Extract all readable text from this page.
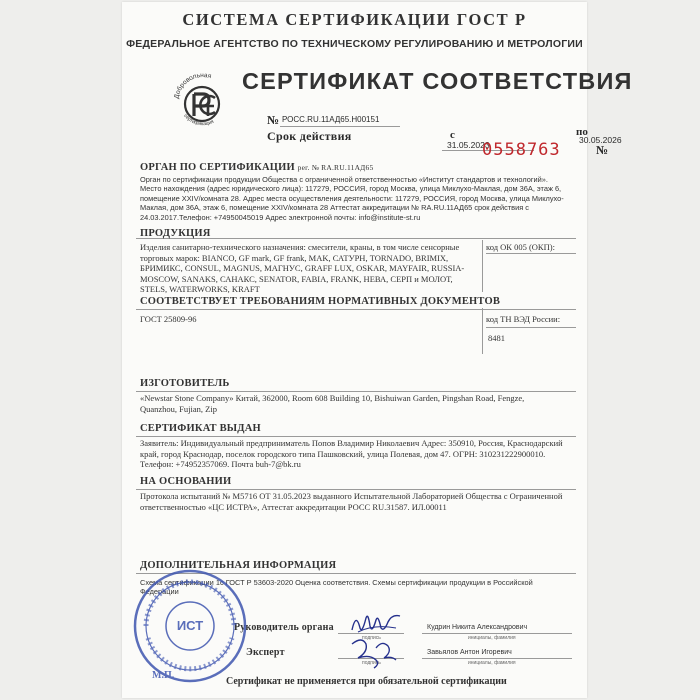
СИСТЕМА СЕРТИФИКАЦИИ ГОСТ Р
ФЕДЕРАЛЬНОЕ АГЕНТСТВО ПО ТЕХНИЧЕСКОМУ РЕГУЛИРОВАНИЮ И МЕТРОЛОГИИ
Добровольная
сертификация
СЕРТИФИКАТ СООТВЕТСТВИЯ
№ РОСС.RU.11АД65.Н00151
Срок действия	с
31.05.2023
по
30.05.2026
№
0558763
ОРГАН ПО СЕРТИФИКАЦИИ рег. № RA.RU.11АД65
Орган по сертификации продукции Общества с ограниченной ответственностью «Институт стандартов и технологий». Место нахождения (адрес юридического лица): 117279, РОССИЯ, город Москва, улица Миклухо-Маклая, дом 36А, этаж 6, помещение XXIV/комната 28. Адрес места осуществления деятельности: 117279, РОССИЯ, город Москва, улица Миклухо-Маклая, дом 36А, этаж 6, помещение XXIV/комната 28 Аттестат аккредитации № RA.RU.11АД65 срок действия с 24.03.2017.Телефон: +74950045019 Адрес электронной почты: info@institute-st.ru
ПРОДУКЦИЯ
Изделия санитарно-технического назначения: смесители, краны, в том числе сенсорные торговых марок: BIANCO, GF mark, GF frank, MAK, САТУРН, TORNADO, BRIMIX, БРИМИКС, CONSUL, MAGNUS, МАГНУС, GRAFF LUX, OSKAR, MAYFAIR, RUSSIA-MOSCOW, SANAKS, САНАКС, SENATOR, FABIA, FRANK, НЕВА, СЕРП и МОЛОТ, STELS, WATERWORKS, KRAFT
код ОК 005 (ОКП):
СООТВЕТСТВУЕТ ТРЕБОВАНИЯМ НОРМАТИВНЫХ ДОКУМЕНТОВ
ГОСТ 25809-96	код ТН ВЭД России:
8481
ИЗГОТОВИТЕЛЬ
«Newstar Stone Company» Китай, 362000, Room 608 Building 10, Bishuiwan Garden, Pingshan Road, Fengze, Quanzhou, Fujian, Zip
СЕРТИФИКАТ ВЫДАН
Заявитель: Индивидуальный предприниматель Попов Владимир Николаевич Адрес: 350910, Россия, Краснодарский край, город Краснодар, поселок городского типа Пашковский, улица Полевая, дом 47. ОГРН: 310231222900010. Телефон: +74952357069. Почта buh-7@bk.ru
НА ОСНОВАНИИ
Протокола испытаний № М5716 ОТ 31.05.2023 выданного Испытательной Лабораторией Общества с Ограниченной ответственностью «ЦС ИСТРА», Аттестат аккредитации РОСС RU.31587. ИЛ.00011
ДОПОЛНИТЕЛЬНАЯ ИНФОРМАЦИЯ
Схема сертификации 1с ГОСТ Р 53603-2020 Оценка соответствия. Схемы сертификации продукции в Российской Федерации
Руководитель органа
подпись
Кудрин Никита Александрович
инициалы, фамилия
Эксперт
подпись
Завьялов Антон Игоревич
инициалы, фамилия
Сертификат не применяется при обязательной сертификации
ИСТ
М.П.
